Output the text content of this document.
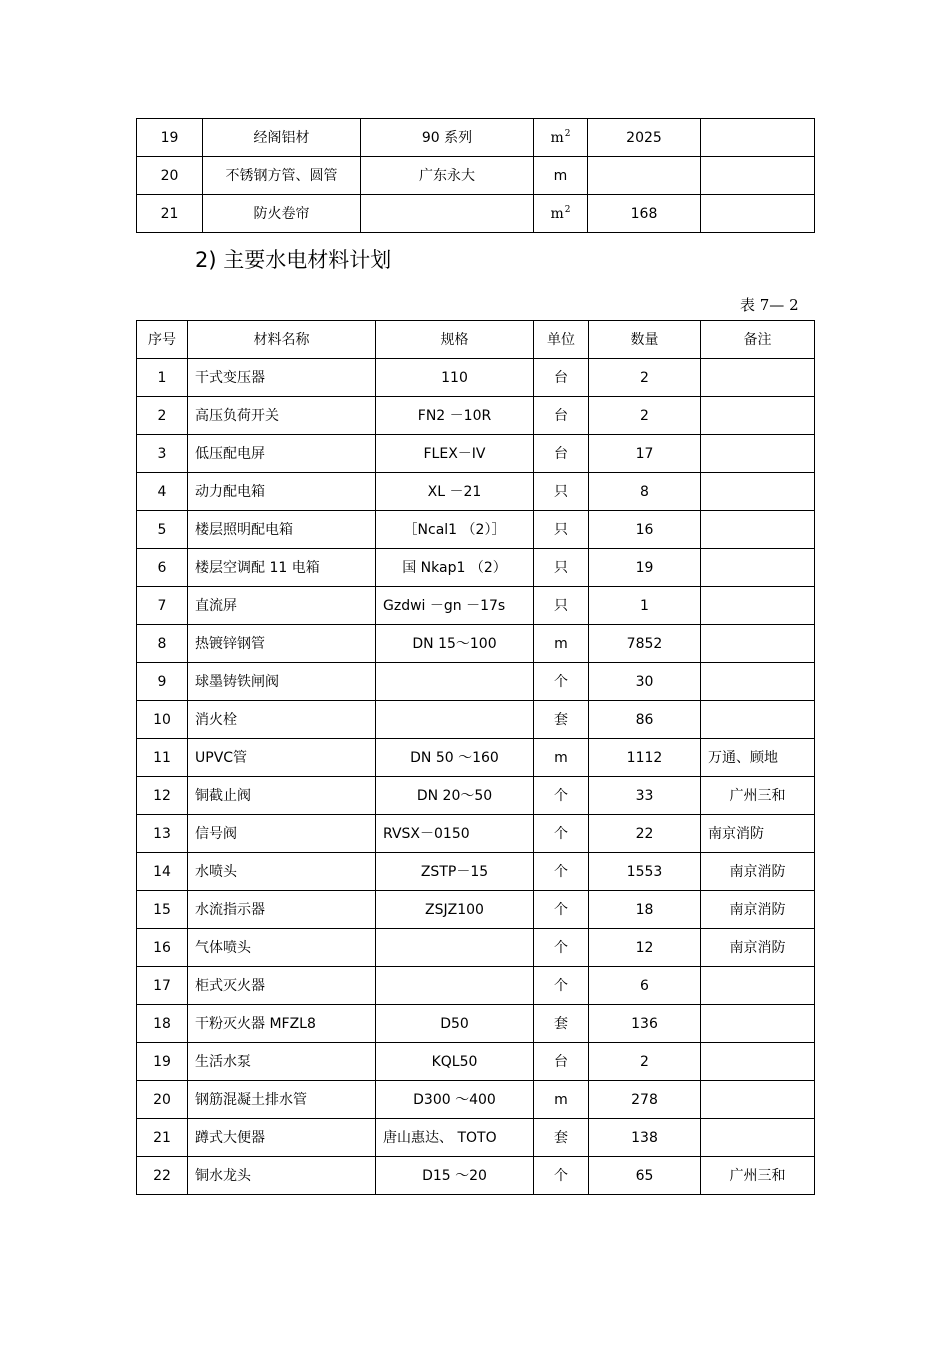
19	经阁铝材	90 系列	$m^2$	2025	
20	不锈钢方管、圆管	广东永大	m		
21	防火卷帘		$m^2$	168	
2) 主要水电材料计划
表 7— 2
序号	材料名称	规格	单位	数量	备注
1	干式变压器	110	台	2	
2	高压负荷开关	FN2 －10R	台	2	
3	低压配电屏	FLEX－IV	台	17	
4	动力配电箱	XL －21	只	8	
5	楼层照明配电箱	［Ncal1 （2）］	只	16	
6	楼层空调配 11 电箱	国 Nkap1 （2）	只	19	
7	直流屏	Gzdwi －gn －17s	只	1	
8	热镀锌钢管	DN 15～100	m	7852	
9	球墨铸铁闸阀		个	30	
10	消火栓		套	86	
11	UPVC管	DN 50 ～160	m	1112	万通、顾地
12	铜截止阀	DN 20～50	个	33	广州三和
13	信号阀	RVSX－0150	个	22	南京消防
14	水喷头	ZSTP－15	个	1553	南京消防
15	水流指示器	ZSJZ100	个	18	南京消防
16	气体喷头		个	12	南京消防
17	柜式灭火器		个	6	
18	干粉灭火器 MFZL8	D50	套	136	
19	生活水泵	KQL50	台	2	
20	钢筋混凝土排水管	D300 ～400	m	278	
21	蹲式大便器	唐山惠达、 TOTO	套	138	
22	铜水龙头	D15 ～20	个	65	广州三和
